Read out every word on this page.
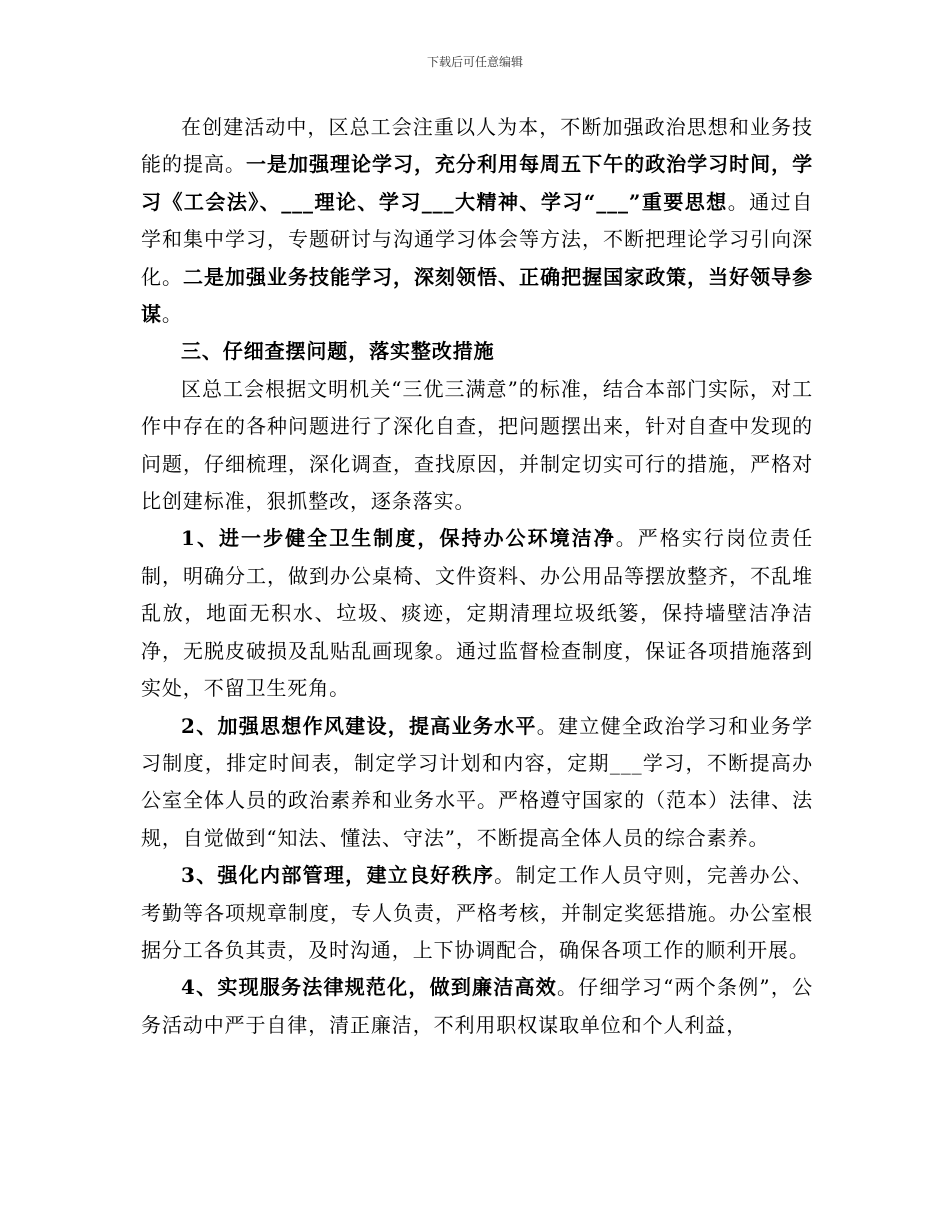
下载后可任意编辑

在创建活动中，区总工会注重以人为本，不断加强政治思想和业务技能的提高。一是加强理论学习，充分利用每周五下午的政治学习时间，学习《工会法》、___理论、学习___大精神、学习“___”重要思想。通过自学和集中学习，专题研讨与沟通学习体会等方法，不断把理论学习引向深化。二是加强业务技能学习，深刻领悟、正确把握国家政策，当好领导参谋。

三、仔细查摆问题，落实整改措施

区总工会根据文明机关“三优三满意”的标准，结合本部门实际，对工作中存在的各种问题进行了深化自查，把问题摆出来，针对自查中发现的问题，仔细梳理，深化调查，查找原因，并制定切实可行的措施，严格对比创建标准，狠抓整改，逐条落实。

1、进一步健全卫生制度，保持办公环境洁净。严格实行岗位责任制，明确分工，做到办公桌椅、文件资料、办公用品等摆放整齐，不乱堆乱放，地面无积水、垃圾、痰迹，定期清理垃圾纸篓，保持墙壁洁净洁净，无脱皮破损及乱贴乱画现象。通过监督检查制度，保证各项措施落到实处，不留卫生死角。

2、加强思想作风建设，提高业务水平。建立健全政治学习和业务学习制度，排定时间表，制定学习计划和内容，定期___学习，不断提高办公室全体人员的政治素养和业务水平。严格遵守国家的（范本）法律、法规，自觉做到“知法、懂法、守法”，不断提高全体人员的综合素养。

3、强化内部管理，建立良好秩序。制定工作人员守则，完善办公、考勤等各项规章制度，专人负责，严格考核，并制定奖惩措施。办公室根据分工各负其责，及时沟通，上下协调配合，确保各项工作的顺利开展。

4、实现服务法律规范化，做到廉洁高效。仔细学习“两个条例”，公务活动中严于自律，清正廉洁，不利用职权谋取单位和个人利益，
